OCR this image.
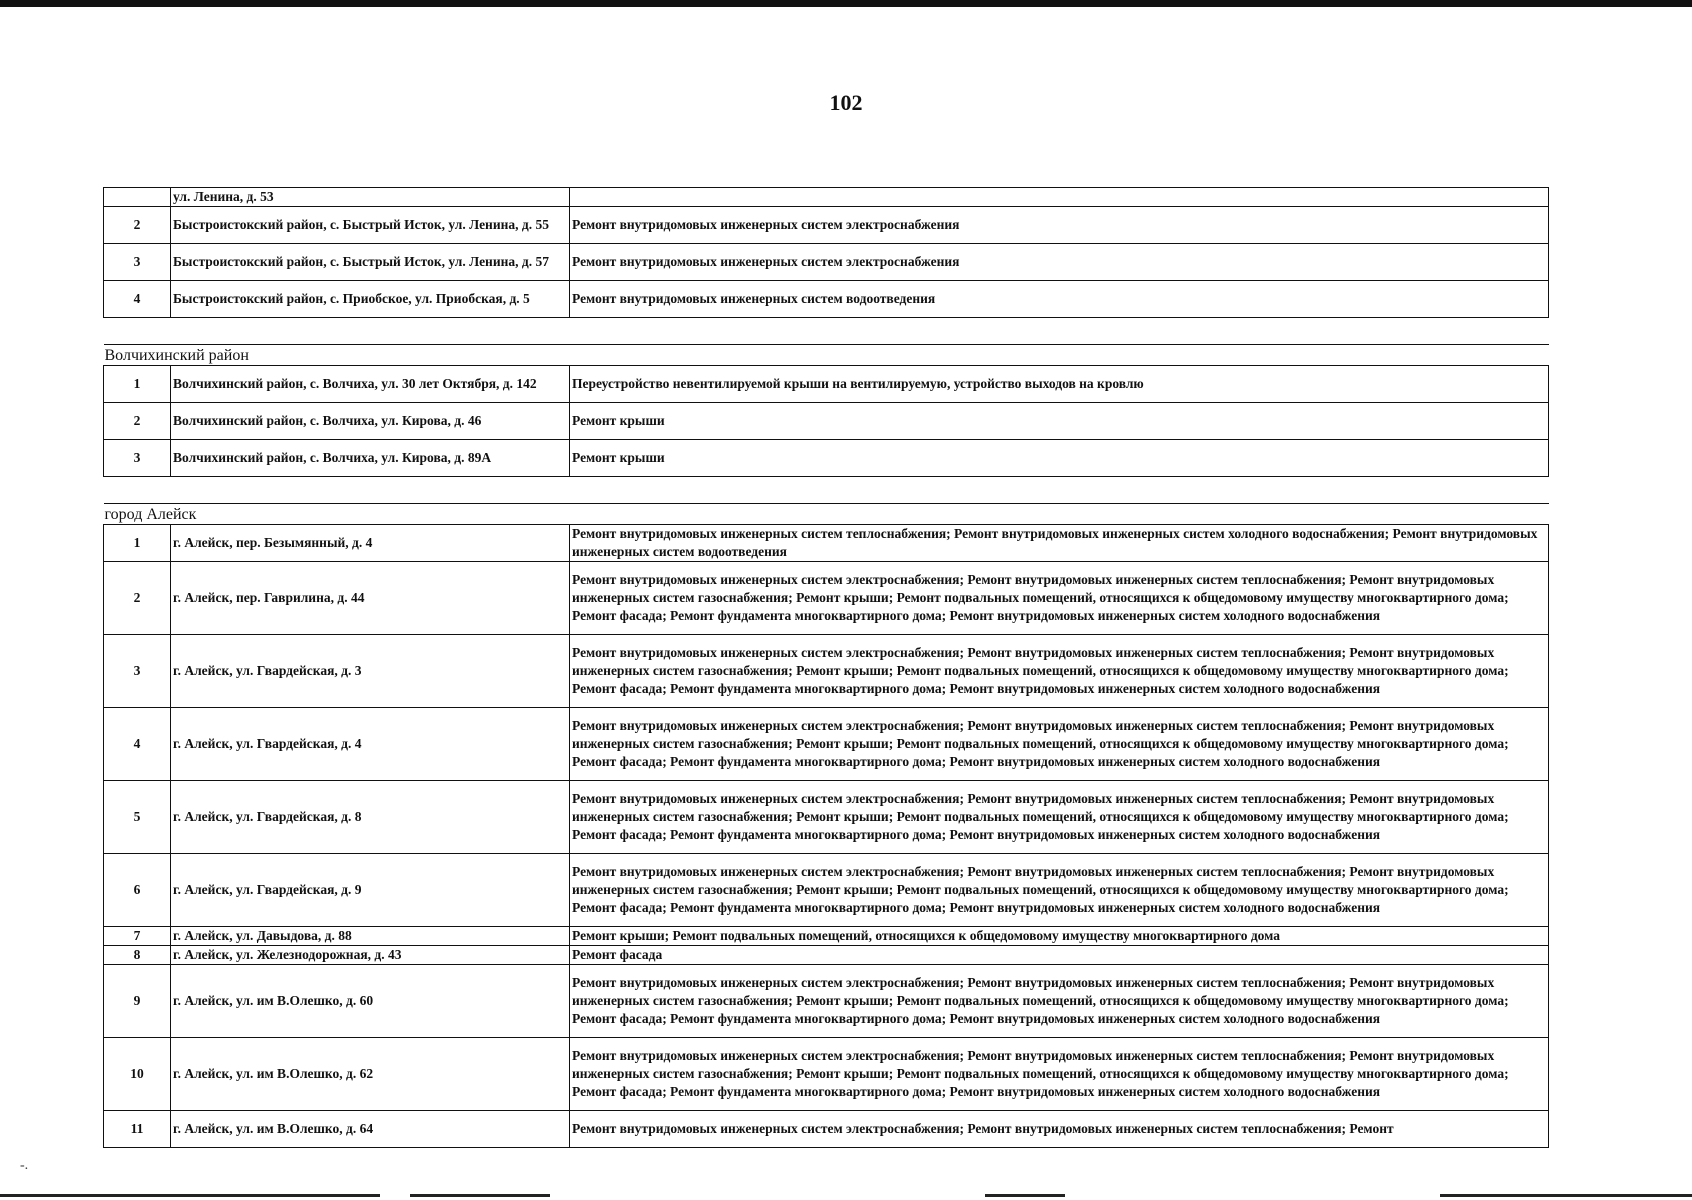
102
	ул. Ленина, д. 53	
2	Быстроистокский район, с. Быстрый Исток, ул. Ленина, д. 55	Ремонт внутридомовых инженерных систем электроснабжения
3	Быстроистокский район, с. Быстрый Исток, ул. Ленина, д. 57	Ремонт внутридомовых инженерных систем электроснабжения
4	Быстроистокский район, с. Приобское, ул. Приобская, д. 5	Ремонт внутридомовых инженерных систем водоотведения

Волчихинский район		
1	Волчихинский район, с. Волчиха, ул. 30 лет Октября, д. 142	Переустройство невентилируемой крыши на вентилируемую, устройство выходов на кровлю
2	Волчихинский район, с. Волчиха, ул. Кирова, д. 46	Ремонт крыши
3	Волчихинский район, с. Волчиха, ул. Кирова, д. 89А	Ремонт крыши

город Алейск		
1	г. Алейск, пер. Безымянный, д. 4	Ремонт внутридомовых инженерных систем теплоснабжения; Ремонт внутридомовых инженерных систем холодного водоснабжения; Ремонт внутридомовых инженерных систем водоотведения
2	г. Алейск, пер. Гаврилина, д. 44	Ремонт внутридомовых инженерных систем электроснабжения; Ремонт внутридомовых инженерных систем теплоснабжения; Ремонт внутридомовых инженерных систем газоснабжения; Ремонт крыши; Ремонт подвальных помещений, относящихся к общедомовому имуществу многоквартирного дома; Ремонт фасада; Ремонт фундамента многоквартирного дома; Ремонт внутридомовых инженерных систем холодного водоснабжения
3	г. Алейск, ул. Гвардейская, д. 3	Ремонт внутридомовых инженерных систем электроснабжения; Ремонт внутридомовых инженерных систем теплоснабжения; Ремонт внутридомовых инженерных систем газоснабжения; Ремонт крыши; Ремонт подвальных помещений, относящихся к общедомовому имуществу многоквартирного дома; Ремонт фасада; Ремонт фундамента многоквартирного дома; Ремонт внутридомовых инженерных систем холодного водоснабжения
4	г. Алейск, ул. Гвардейская, д. 4	Ремонт внутридомовых инженерных систем электроснабжения; Ремонт внутридомовых инженерных систем теплоснабжения; Ремонт внутридомовых инженерных систем газоснабжения; Ремонт крыши; Ремонт подвальных помещений, относящихся к общедомовому имуществу многоквартирного дома; Ремонт фасада; Ремонт фундамента многоквартирного дома; Ремонт внутридомовых инженерных систем холодного водоснабжения
5	г. Алейск, ул. Гвардейская, д. 8	Ремонт внутридомовых инженерных систем электроснабжения; Ремонт внутридомовых инженерных систем теплоснабжения; Ремонт внутридомовых инженерных систем газоснабжения; Ремонт крыши; Ремонт подвальных помещений, относящихся к общедомовому имуществу многоквартирного дома; Ремонт фасада; Ремонт фундамента многоквартирного дома; Ремонт внутридомовых инженерных систем холодного водоснабжения
6	г. Алейск, ул. Гвардейская, д. 9	Ремонт внутридомовых инженерных систем электроснабжения; Ремонт внутридомовых инженерных систем теплоснабжения; Ремонт внутридомовых инженерных систем газоснабжения; Ремонт крыши; Ремонт подвальных помещений, относящихся к общедомовому имуществу многоквартирного дома; Ремонт фасада; Ремонт фундамента многоквартирного дома; Ремонт внутридомовых инженерных систем холодного водоснабжения
7	г. Алейск, ул. Давыдова, д. 88	Ремонт крыши; Ремонт подвальных помещений, относящихся к общедомовому имуществу многоквартирного дома
8	г. Алейск, ул. Железнодорожная, д. 43	Ремонт фасада
9	г. Алейск, ул. им В.Олешко, д. 60	Ремонт внутридомовых инженерных систем электроснабжения; Ремонт внутридомовых инженерных систем теплоснабжения; Ремонт внутридомовых инженерных систем газоснабжения; Ремонт крыши; Ремонт подвальных помещений, относящихся к общедомовому имуществу многоквартирного дома; Ремонт фасада; Ремонт фундамента многоквартирного дома; Ремонт внутридомовых инженерных систем холодного водоснабжения
10	г. Алейск, ул. им В.Олешко, д. 62	Ремонт внутридомовых инженерных систем электроснабжения; Ремонт внутридомовых инженерных систем теплоснабжения; Ремонт внутридомовых инженерных систем газоснабжения; Ремонт крыши; Ремонт подвальных помещений, относящихся к общедомовому имуществу многоквартирного дома; Ремонт фасада; Ремонт фундамента многоквартирного дома; Ремонт внутридомовых инженерных систем холодного водоснабжения
11	г. Алейск, ул. им В.Олешко, д. 64	Ремонт внутридомовых инженерных систем электроснабжения; Ремонт внутридомовых инженерных систем теплоснабжения; Ремонт
-.
